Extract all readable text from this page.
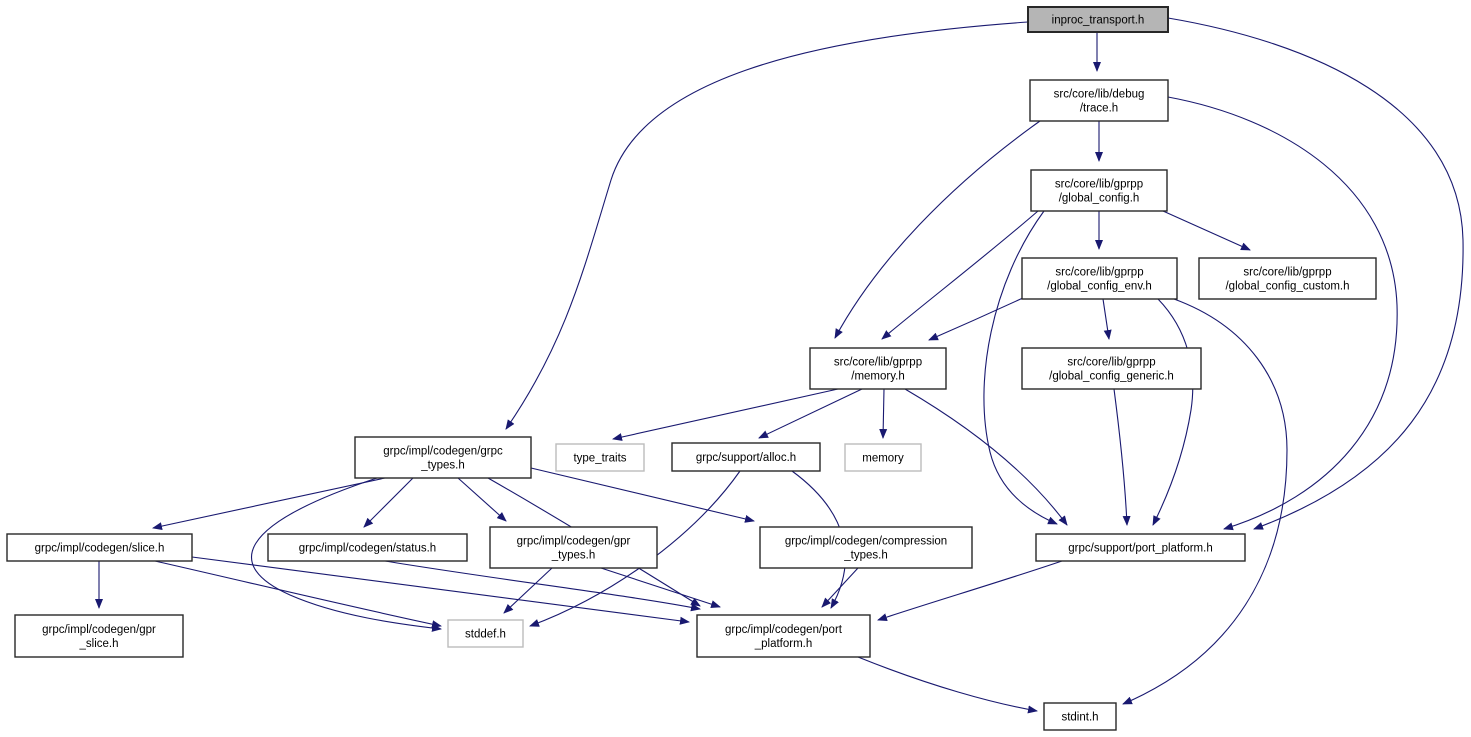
inproc_transport.h
src/core/lib/debug
/trace.h
src/core/lib/gprpp
/global_config.h
src/core/lib/gprpp
/global_config_env.h
src/core/lib/gprpp
/global_config_custom.h
src/core/lib/gprpp
/memory.h
src/core/lib/gprpp
/global_config_generic.h
grpc/impl/codegen/grpc
_types.h
type_traits	grpc/support/alloc.h	memory
grpc/impl/codegen/slice.h	grpc/impl/codegen/status.h
grpc/impl/codegen/gpr
_types.h
grpc/impl/codegen/compression
_types.h
grpc/support/port_platform.h
grpc/impl/codegen/gpr
_slice.h
stddef.h	grpc/impl/codegen/port
_platform.h
stdint.h
